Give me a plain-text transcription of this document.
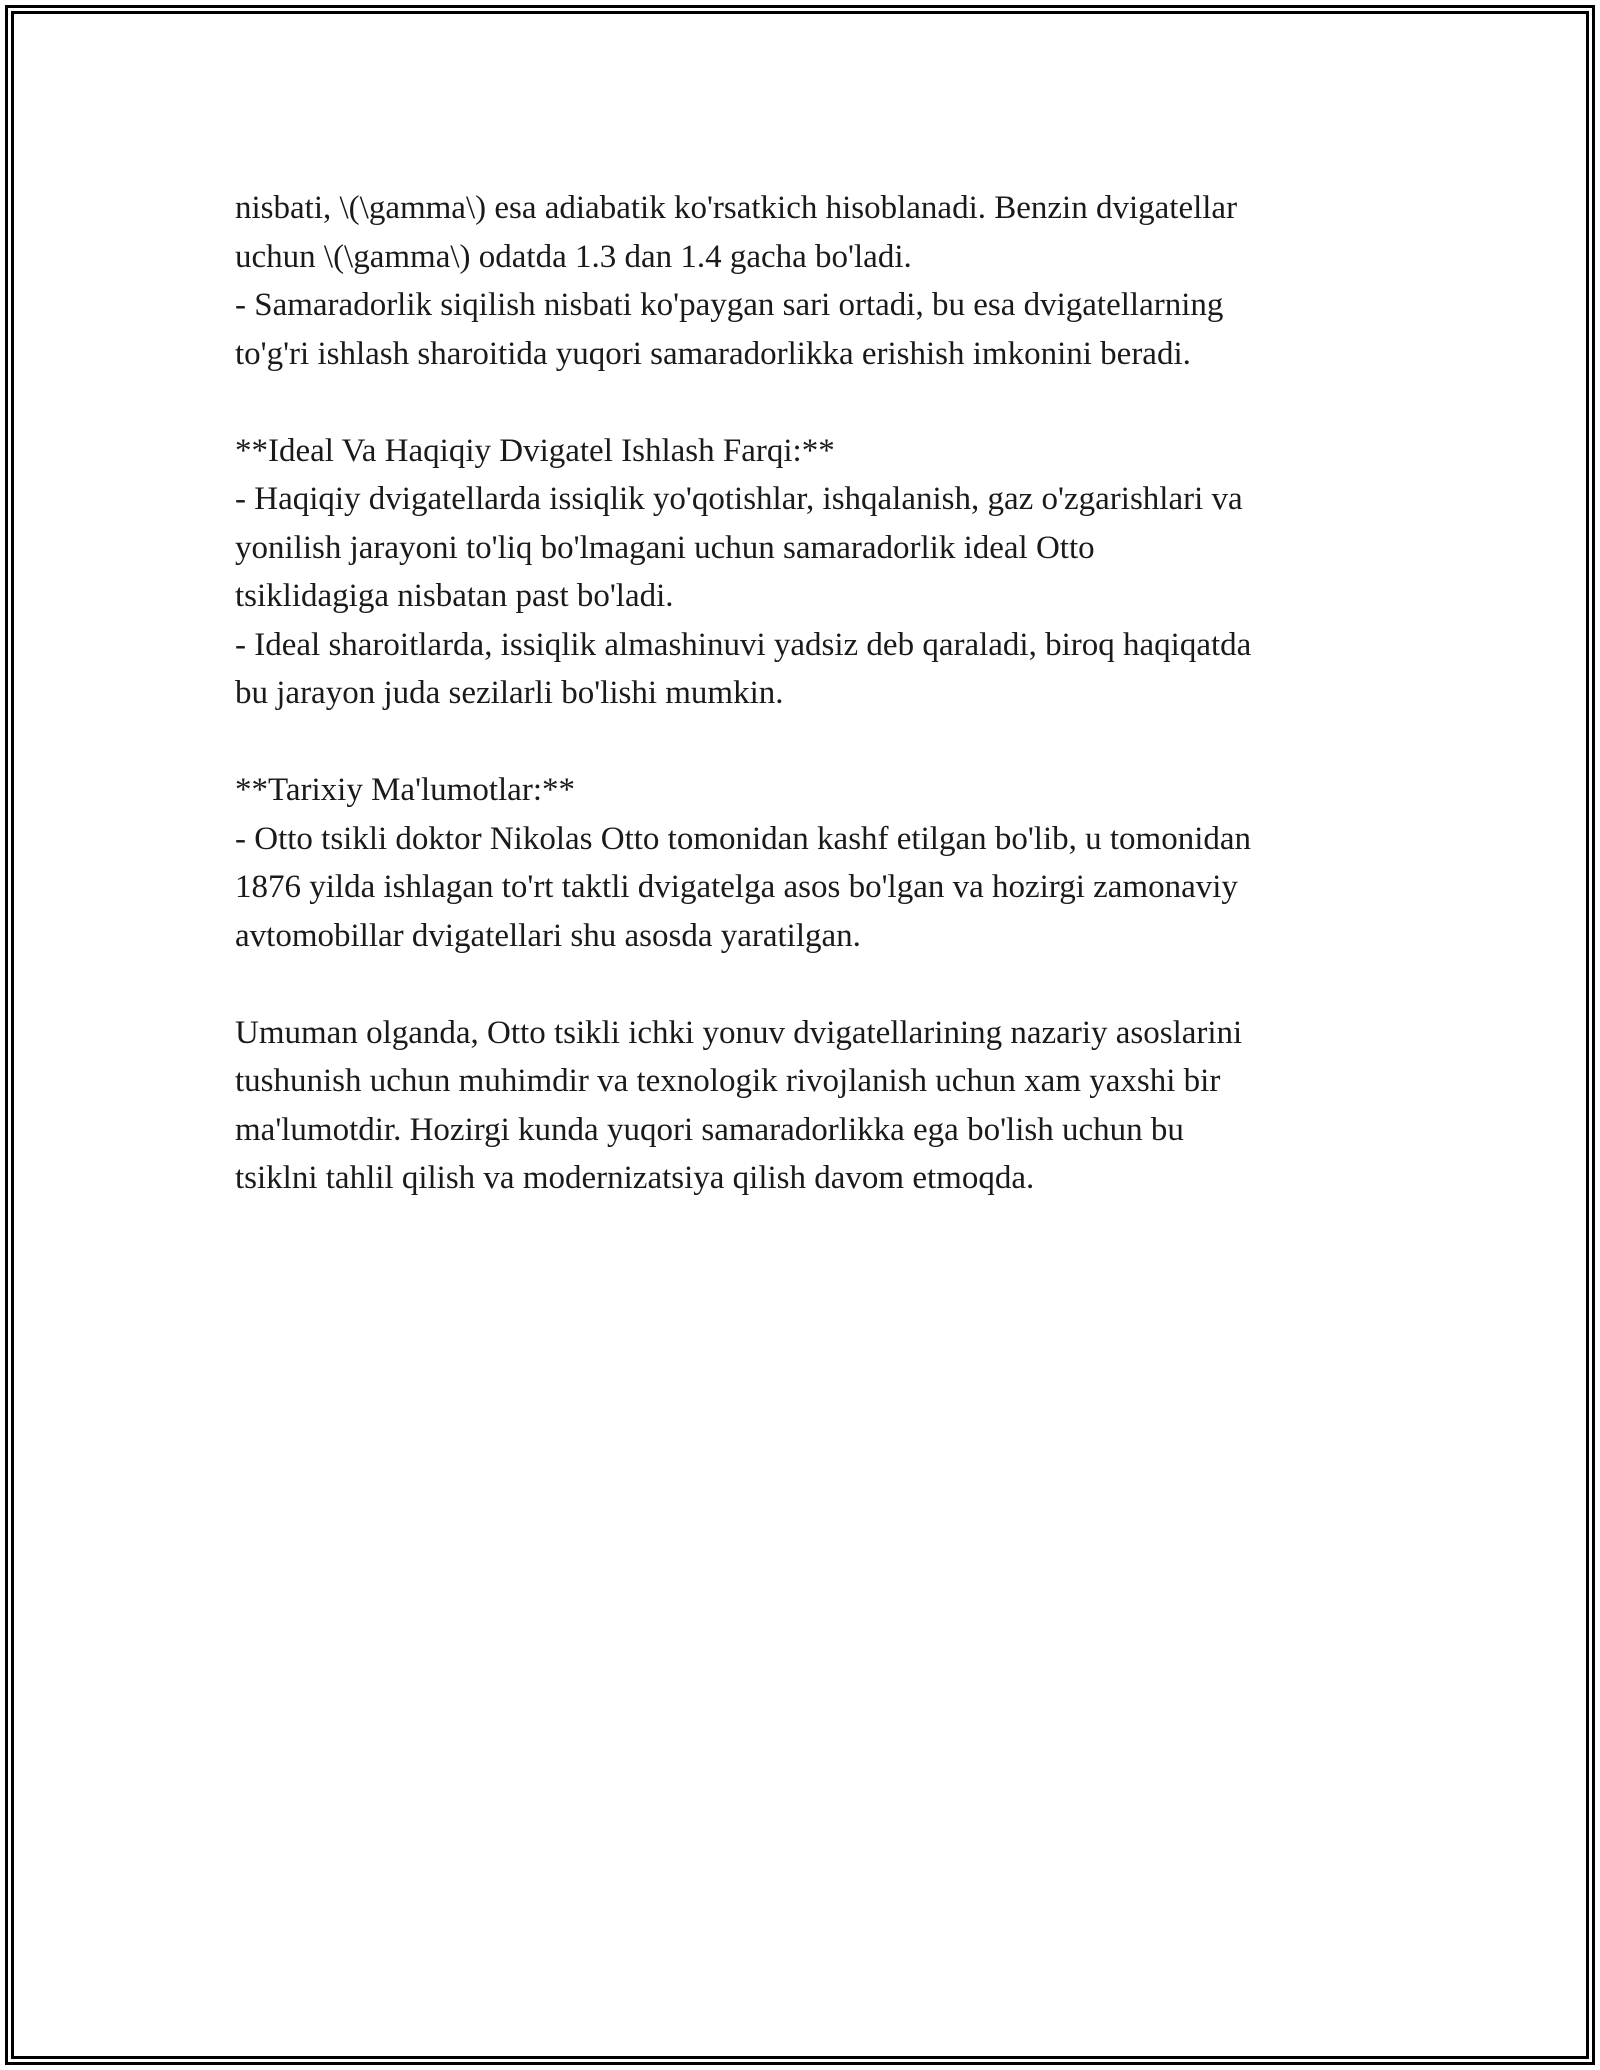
nisbati, \(\gamma\) esa adiabatik ko'rsatkich hisoblanadi. Benzin dvigatellar

uchun \(\gamma\) odatda 1.3 dan 1.4 gacha bo'ladi.

- Samaradorlik siqilish nisbati ko'paygan sari ortadi, bu esa dvigatellarning

to'g'ri ishlash sharoitida yuqori samaradorlikka erishish imkonini beradi.

**Ideal Va Haqiqiy Dvigatel Ishlash Farqi:**

- Haqiqiy dvigatellarda issiqlik yo'qotishlar, ishqalanish, gaz o'zgarishlari va

yonilish jarayoni to'liq bo'lmagani uchun samaradorlik ideal Otto

tsiklidagiga nisbatan past bo'ladi.

- Ideal sharoitlarda, issiqlik almashinuvi yadsiz deb qaraladi, biroq haqiqatda

bu jarayon juda sezilarli bo'lishi mumkin.

**Tarixiy Ma'lumotlar:**

- Otto tsikli doktor Nikolas Otto tomonidan kashf etilgan bo'lib, u tomonidan

1876 yilda ishlagan to'rt taktli dvigatelga asos bo'lgan va hozirgi zamonaviy

avtomobillar dvigatellari shu asosda yaratilgan.

Umuman olganda, Otto tsikli ichki yonuv dvigatellarining nazariy asoslarini

tushunish uchun muhimdir va texnologik rivojlanish uchun xam yaxshi bir

ma'lumotdir. Hozirgi kunda yuqori samaradorlikka ega bo'lish uchun bu

tsiklni tahlil qilish va modernizatsiya qilish davom etmoqda.
